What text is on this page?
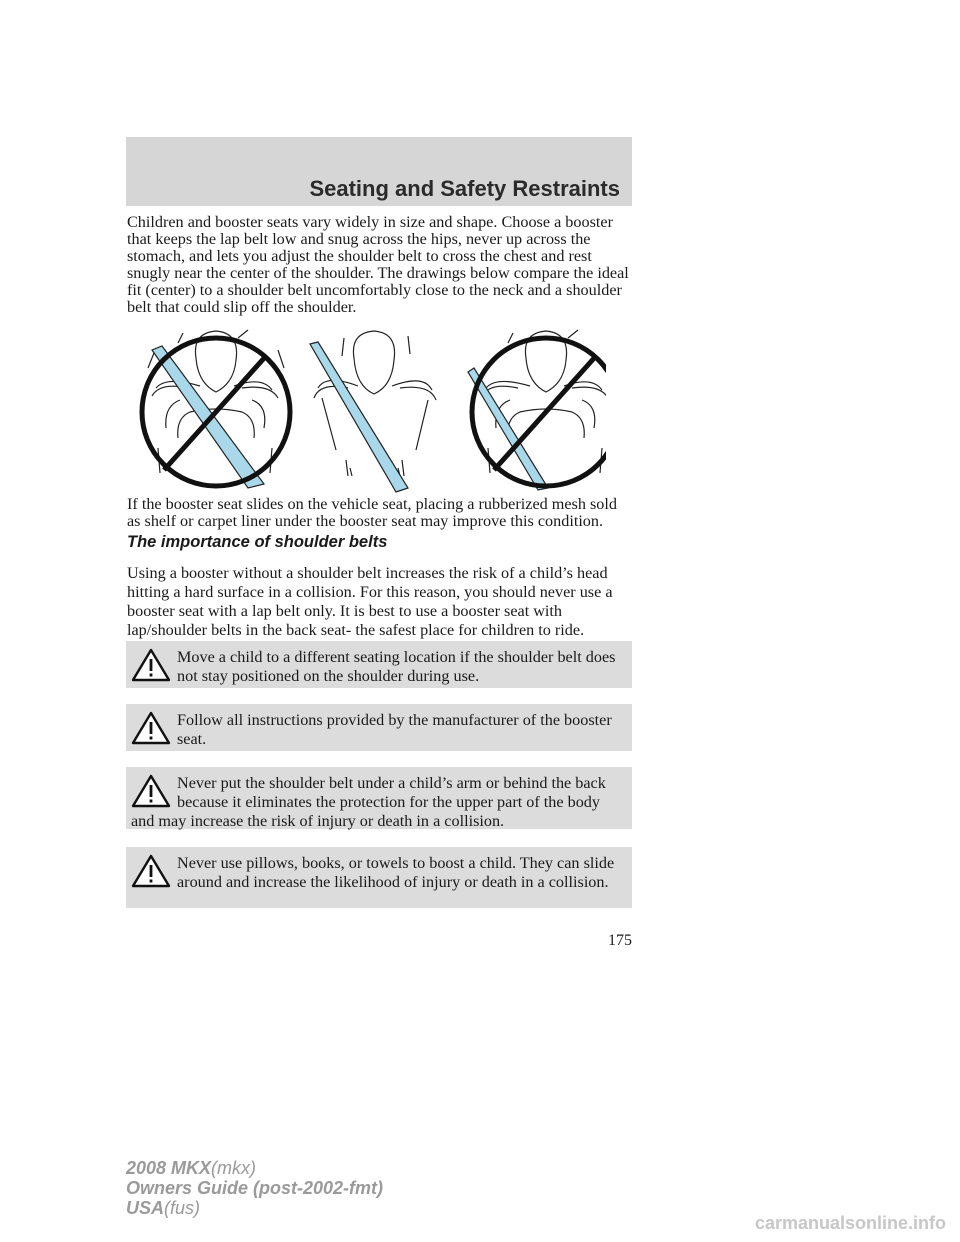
Seating and Safety Restraints

Children and booster seats vary widely in size and shape. Choose a booster that keeps the lap belt low and snug across the hips, never up across the stomach, and lets you adjust the shoulder belt to cross the chest and rest snugly near the center of the shoulder. The drawings below compare the ideal fit (center) to a shoulder belt uncomfortably close to the neck and a shoulder belt that could slip off the shoulder.

If the booster seat slides on the vehicle seat, placing a rubberized mesh sold as shelf or carpet liner under the booster seat may improve this condition.

The importance of shoulder belts

Using a booster without a shoulder belt increases the risk of a child’s head hitting a hard surface in a collision. For this reason, you should never use a booster seat with a lap belt only. It is best to use a booster seat with lap/shoulder belts in the back seat- the safest place for children to ride.

Move a child to a different seating location if the shoulder belt does not stay positioned on the shoulder during use.

Follow all instructions provided by the manufacturer of the booster seat.

Never put the shoulder belt under a child’s arm or behind the back because it eliminates the protection for the upper part of the body and may increase the risk of injury or death in a collision.

Never use pillows, books, or towels to boost a child. They can slide around and increase the likelihood of injury or death in a collision.

175
2008 MKX(mkx)
Owners Guide (post-2002-fmt)
USA(fus)
carmanualsonline.info
